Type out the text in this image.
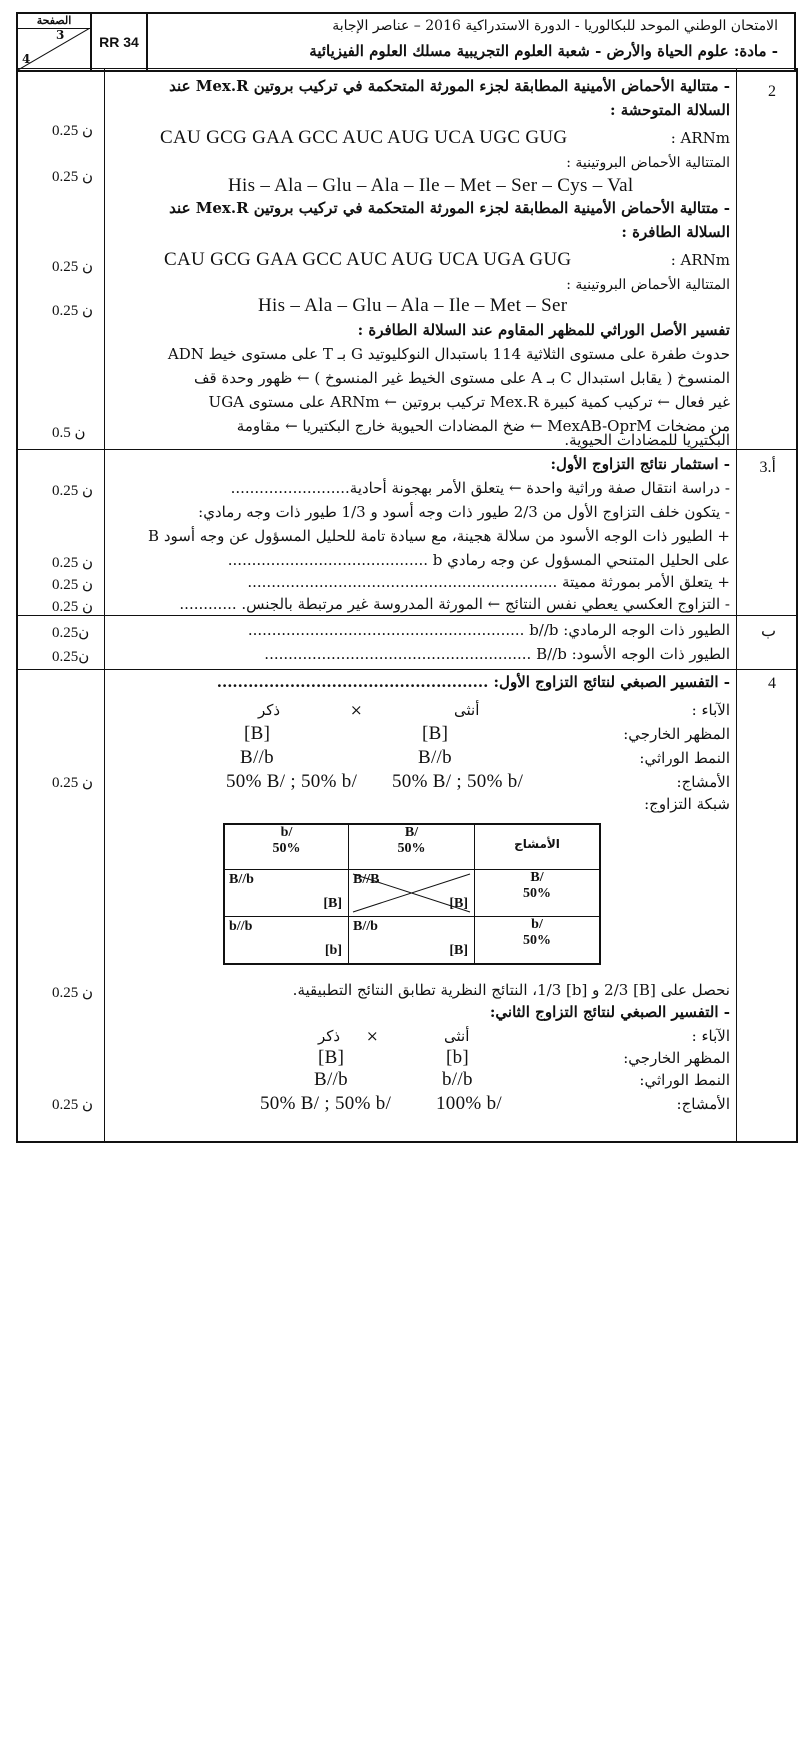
الصفحة
3
4
RR 34
الامتحان الوطني الموحد للبكالوريا - الدورة الاستدراكية 2016 – عناصر الإجابة
- مادة: علوم الحياة والأرض - شعبة العلوم التجريبية مسلك العلوم الفيزيائية
2
- متتالية الأحماض الأمينية المطابقة لجزء المورثة المتحكمة في تركيب بروتين Mex.R عند
السلالة المتوحشة :
: ARNm
CAU GCG GAA GCC AUC AUG UCA UGC GUG
المتتالية الأحماض البروتينية :
His – Ala – Glu – Ala – Ile – Met – Ser – Cys – Val
- متتالية الأحماض الأمينية المطابقة لجزء المورثة المتحكمة في تركيب بروتين Mex.R عند
السلالة الطافرة :
: ARNm
CAU GCG GAA GCC AUC AUG UCA UGA GUG
المتتالية الأحماض البروتينية :
His – Ala – Glu – Ala – Ile – Met – Ser
تفسير الأصل الوراثي للمظهر المقاوم عند السلالة الطافرة :
حدوث طفرة على مستوى الثلاثية 114 باستبدال النوكليوتيد G بـ T على مستوى خيط ADN
المنسوخ ( يقابل استبدال C بـ A على مستوى الخيط غير المنسوخ ) ← ظهور وحدة قف
UGA على مستوى ARNm ← تركيب بروتين Mex.R غير فعال ← تركيب كمية كبيرة
من مضخات MexAB-OprM ← ضخ المضادات الحيوية خارج البكتيريا ← مقاومة
البكتيريا للمضادات الحيوية.
0.25 ن
0.25 ن
0.25 ن
0.25 ن
0.5 ن
أ.3
- استثمار نتائج التزاوج الأول:
- دراسة انتقال صفة وراثية واحدة ← يتعلق الأمر بهجونة أحادية.........................
- يتكون خلف التزاوج الأول من 2/3 طيور ذات وجه أسود و 1/3 طيور ذات وجه رمادي:
+ الطيور ذات الوجه الأسود من سلالة هجينة، مع سيادة تامة للحليل المسؤول عن وجه أسود B
على الحليل المتنحي المسؤول عن وجه رمادي b ..........................................
+ يتعلق الأمر بمورثة مميتة .................................................................
- التزاوج العكسي يعطي نفس النتائج ← المورثة المدروسة غير مرتبطة بالجنس. ............
0.25 ن
0.25 ن
0.25 ن
0.25 ن
ب
الطيور ذات الوجه الرمادي: b//b ..........................................................
الطيور ذات الوجه الأسود: B//b ........................................................
0.25ن
0.25ن
4
- التفسير الصبغي لنتائج التزاوج الأول: ....................................................
الآباء :
أنثى
×
ذكر
المظهر الخارجي:
[B]
[B]
النمط الوراثي:
B//b
B//b
الأمشاج:
50% B/ ; 50% b/
50% B/ ; 50% b/
شبكة التزاوج:
0.25 ن
نحصل على [B] 2/3 و [b] 1/3، النتائج النظرية تطابق النتائج التطبيقية.
0.25 ن
- التفسير الصبغي لنتائج التزاوج الثاني:
الآباء :
أنثى
×
ذكر
المظهر الخارجي:
[b]
[B]
النمط الوراثي:
b//b
B//b
الأمشاج:
100% b/
50% B/ ; 50% b/
0.25 ن
الأمشاج
B/
50%
b/
50%
B/
50%
B//B
[B]
B//b
[B]
b/
50%
B//b
[B]
b//b
[b]
